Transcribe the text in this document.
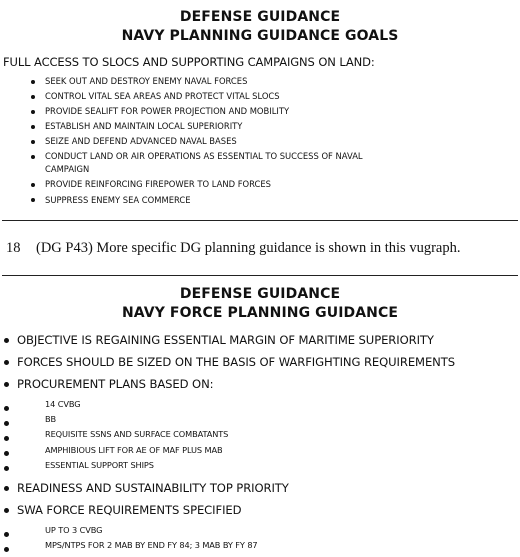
DEFENSE GUIDANCE
NAVY PLANNING GUIDANCE GOALS
FULL ACCESS TO SLOCS AND SUPPORTING CAMPAIGNS ON LAND:
SEEK OUT AND DESTROY ENEMY NAVAL FORCES
CONTROL VITAL SEA AREAS AND PROTECT VITAL SLOCS
PROVIDE SEALIFT FOR POWER PROJECTION AND MOBILITY
ESTABLISH AND MAINTAIN LOCAL SUPERIORITY
SEIZE AND DEFEND ADVANCED NAVAL BASES
CONDUCT LAND OR AIR OPERATIONS AS ESSENTIAL TO SUCCESS OF NAVAL
CAMPAIGN
PROVIDE REINFORCING FIREPOWER TO LAND FORCES
SUPPRESS ENEMY SEA COMMERCE
18 (DG P43) More specific DG planning guidance is shown in this vugraph.
DEFENSE GUIDANCE
NAVY FORCE PLANNING GUIDANCE
OBJECTIVE IS REGAINING ESSENTIAL MARGIN OF MARITIME SUPERIORITY
FORCES SHOULD BE SIZED ON THE BASIS OF WARFIGHTING REQUIREMENTS
PROCUREMENT PLANS BASED ON:
14 CVBG
BB
REQUISITE SSNS AND SURFACE COMBATANTS
AMPHIBIOUS LIFT FOR AE OF MAF PLUS MAB
ESSENTIAL SUPPORT SHIPS
READINESS AND SUSTAINABILITY TOP PRIORITY
SWA FORCE REQUIREMENTS SPECIFIED
UP TO 3 CVBG
MPS/NTPS FOR 2 MAB BY END FY 84; 3 MAB BY FY 87
